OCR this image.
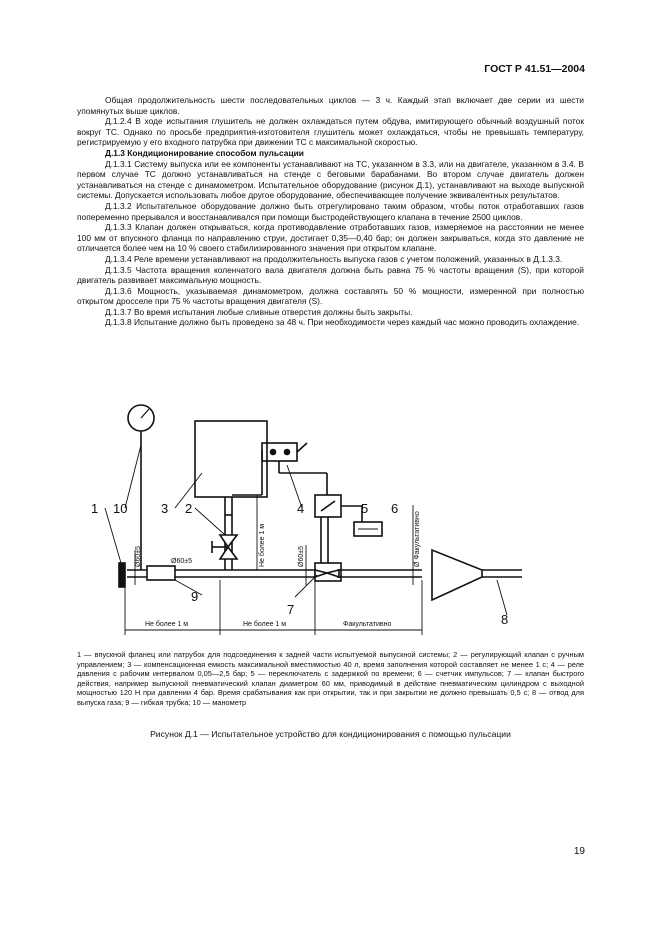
ГОСТ Р 41.51—2004

Общая продолжительность шести последовательных циклов — 3 ч. Каждый этап включает две серии из шести упомянутых выше циклов.

Д.1.2.4 В ходе испытания глушитель не должен охлаждаться путем обдува, имитирующего обычный воздушный поток вокруг ТС. Однако по просьбе предприятия-изготовителя глушитель может охлаждаться, чтобы не превышать температуру, регистрируемую у его входного патрубка при движении ТС с максимальной скоростью.

Д.1.3 Кондиционирование способом пульсации

Д.1.3.1 Систему выпуска или ее компоненты устанавливают на ТС, указанном в 3.3, или на двигателе, указанном в 3.4. В первом случае ТС должно устанавливаться на стенде с беговыми барабанами. Во втором случае двигатель должен устанавливаться на стенде с динамометром. Испытательное оборудование (рисунок Д.1), устанавливают на выходе выпускной системы. Допускается использовать любое другое оборудование, обеспечивающее получение эквивалентных результатов.

Д.1.3.2 Испытательное оборудование должно быть отрегулировано таким образом, чтобы поток отработавших газов попеременно прерывался и восстанавливался при помощи быстродействующего клапана в течение 2500 циклов.

Д.1.3.3 Клапан должен открываться, когда противодавление отработавших газов, измеряемое на расстоянии не менее 100 мм от впускного фланца по направлению струи, достигает 0,35—0,40 бар; он должен закрываться, когда это давление не отличается более чем на 10 % своего стабилизированного значения при открытом клапане.

Д.1.3.4 Реле времени устанавливают на продолжительность выпуска газов с учетом положений, указанных в Д.1.3.3.

Д.1.3.5 Частота вращения коленчатого вала двигателя должна быть равна 75 % частоты вращения (S), при которой двигатель развивает максимальную мощность.

Д.1.3.6 Мощность, указываемая динамометром, должна составлять 50 % мощности, измеренной при полностью открытом дросселе при 75 % частоты вращения двигателя (S).

Д.1.3.7 Во время испытания любые сливные отверстия должны быть закрыты.

Д.1.3.8 Испытание должно быть проведено за 48 ч. При необходимости через каждый час можно проводить охлаждение.

1 10	3 2	4	5 6
7
8
9
Ø60±5	Ø60±5	Ø60±5	Ø Факультативно
Не более 1 м
Не более 1 м	Не более 1 м	Факультативно

1 — впускной фланец или патрубок для подсоединения к задней части испытуемой выпускной системы; 2 — регулирующий клапан с ручным управлением; 3 — компенсационная емкость максимальной вместимостью 40 л, время заполнения которой составляет не менее 1 с; 4 — реле давления с рабочим интервалом 0,05—2,5 бар; 5 — переключатель с задержкой по времени; 6 — счетчик импульсов; 7 — клапан быстрого действия, например выпускной пневматический клапан диаметром 60 мм, приводимый в действие пневматическим цилиндром с выходной мощностью 120 Н при давлении 4 бар. Время срабатывания как при открытии, так и при закрытии не должно превышать 0,5 с; 8 — отвод для выпуска газа; 9 — гибкая трубка; 10 — манометр

Рисунок Д.1 — Испытательное устройство для кондиционирования с помощью пульсации
19
